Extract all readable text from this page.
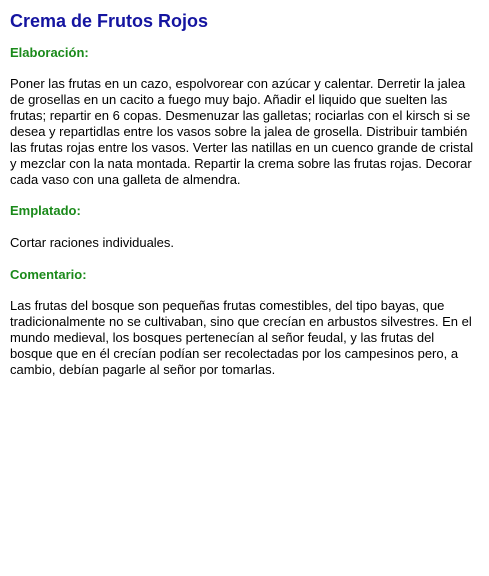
Crema de Frutos Rojos
Elaboración:

Poner las frutas en un cazo, espolvorear con azúcar y calentar. Derretir la jalea de grosellas en un cacito a fuego muy bajo. Añadir el liquido que suelten las frutas; repartir en 6 copas. Desmenuzar las galletas; rociarlas con el kirsch si se desea y repartidlas entre los vasos sobre la jalea de grosella. Distribuir también las frutas rojas entre los vasos. Verter las natillas en un cuenco grande de cristal y mezclar con la nata montada. Repartir la crema sobre las frutas rojas. Decorar cada vaso con una galleta de almendra.

Emplatado:

Cortar raciones individuales.

Comentario:

Las frutas del bosque son pequeñas frutas comestibles, del tipo bayas, que tradicionalmente no se cultivaban, sino que crecían en arbustos silvestres. En el mundo medieval, los bosques pertenecían al señor feudal, y las frutas del bosque que en él crecían podían ser recolectadas por los campesinos pero, a cambio, debían pagarle al señor por tomarlas.
